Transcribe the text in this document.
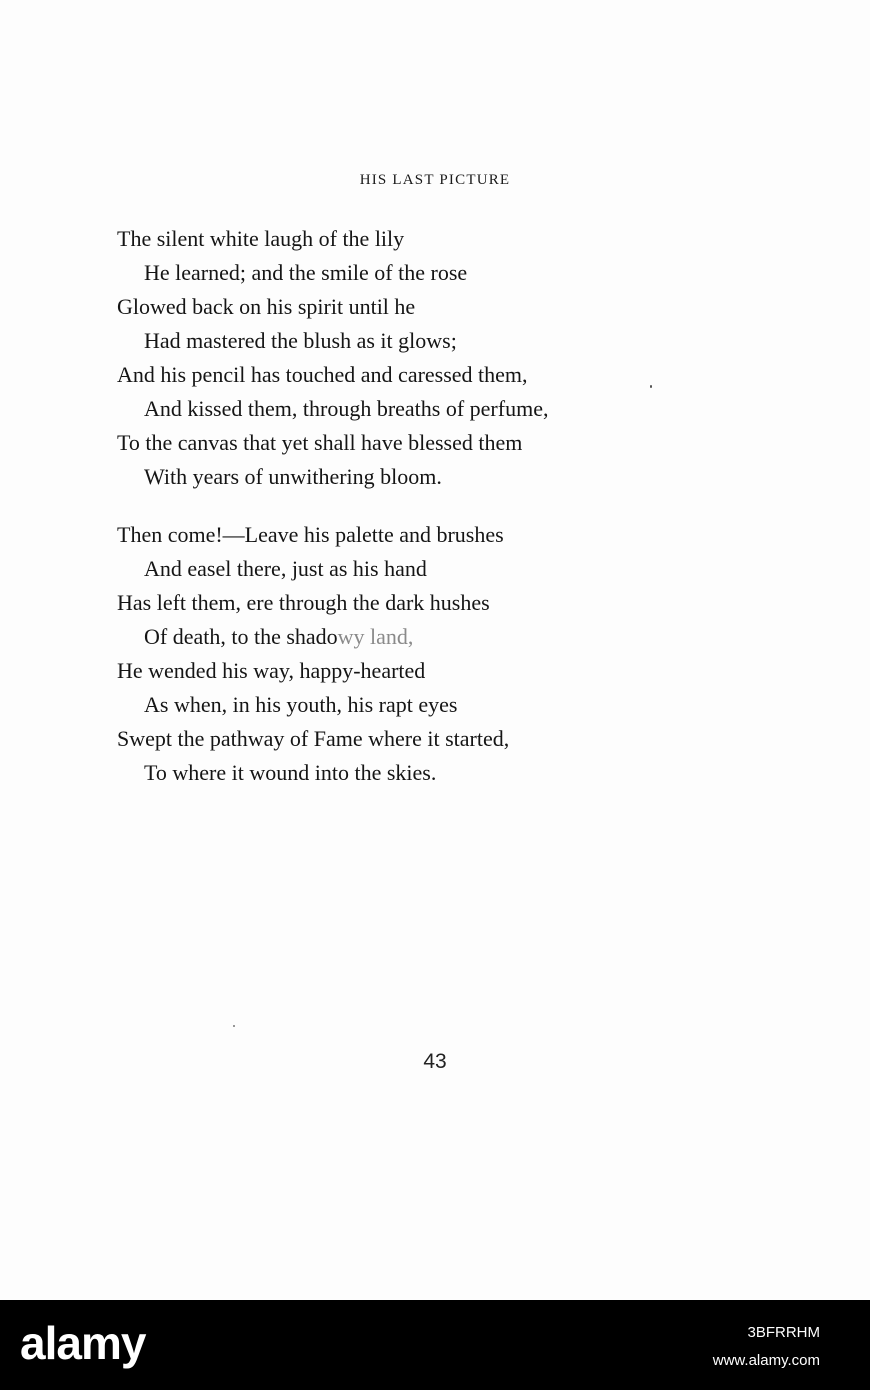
HIS LAST PICTURE

The silent white laugh of the lily
He learned; and the smile of the rose
Glowed back on his spirit until he
Had mastered the blush as it glows;
And his pencil has touched and caressed them,
And kissed them, through breaths of perfume,
To the canvas that yet shall have blessed them
With years of unwithering bloom.

Then come!—Leave his palette and brushes
And easel there, just as his hand
Has left them, ere through the dark hushes
Of death, to the shadowy land,
He wended his way, happy-hearted
As when, in his youth, his rapt eyes
Swept the pathway of Fame where it started,
To where it wound into the skies.

43
alamy	3BFRRHM
www.alamy.com
